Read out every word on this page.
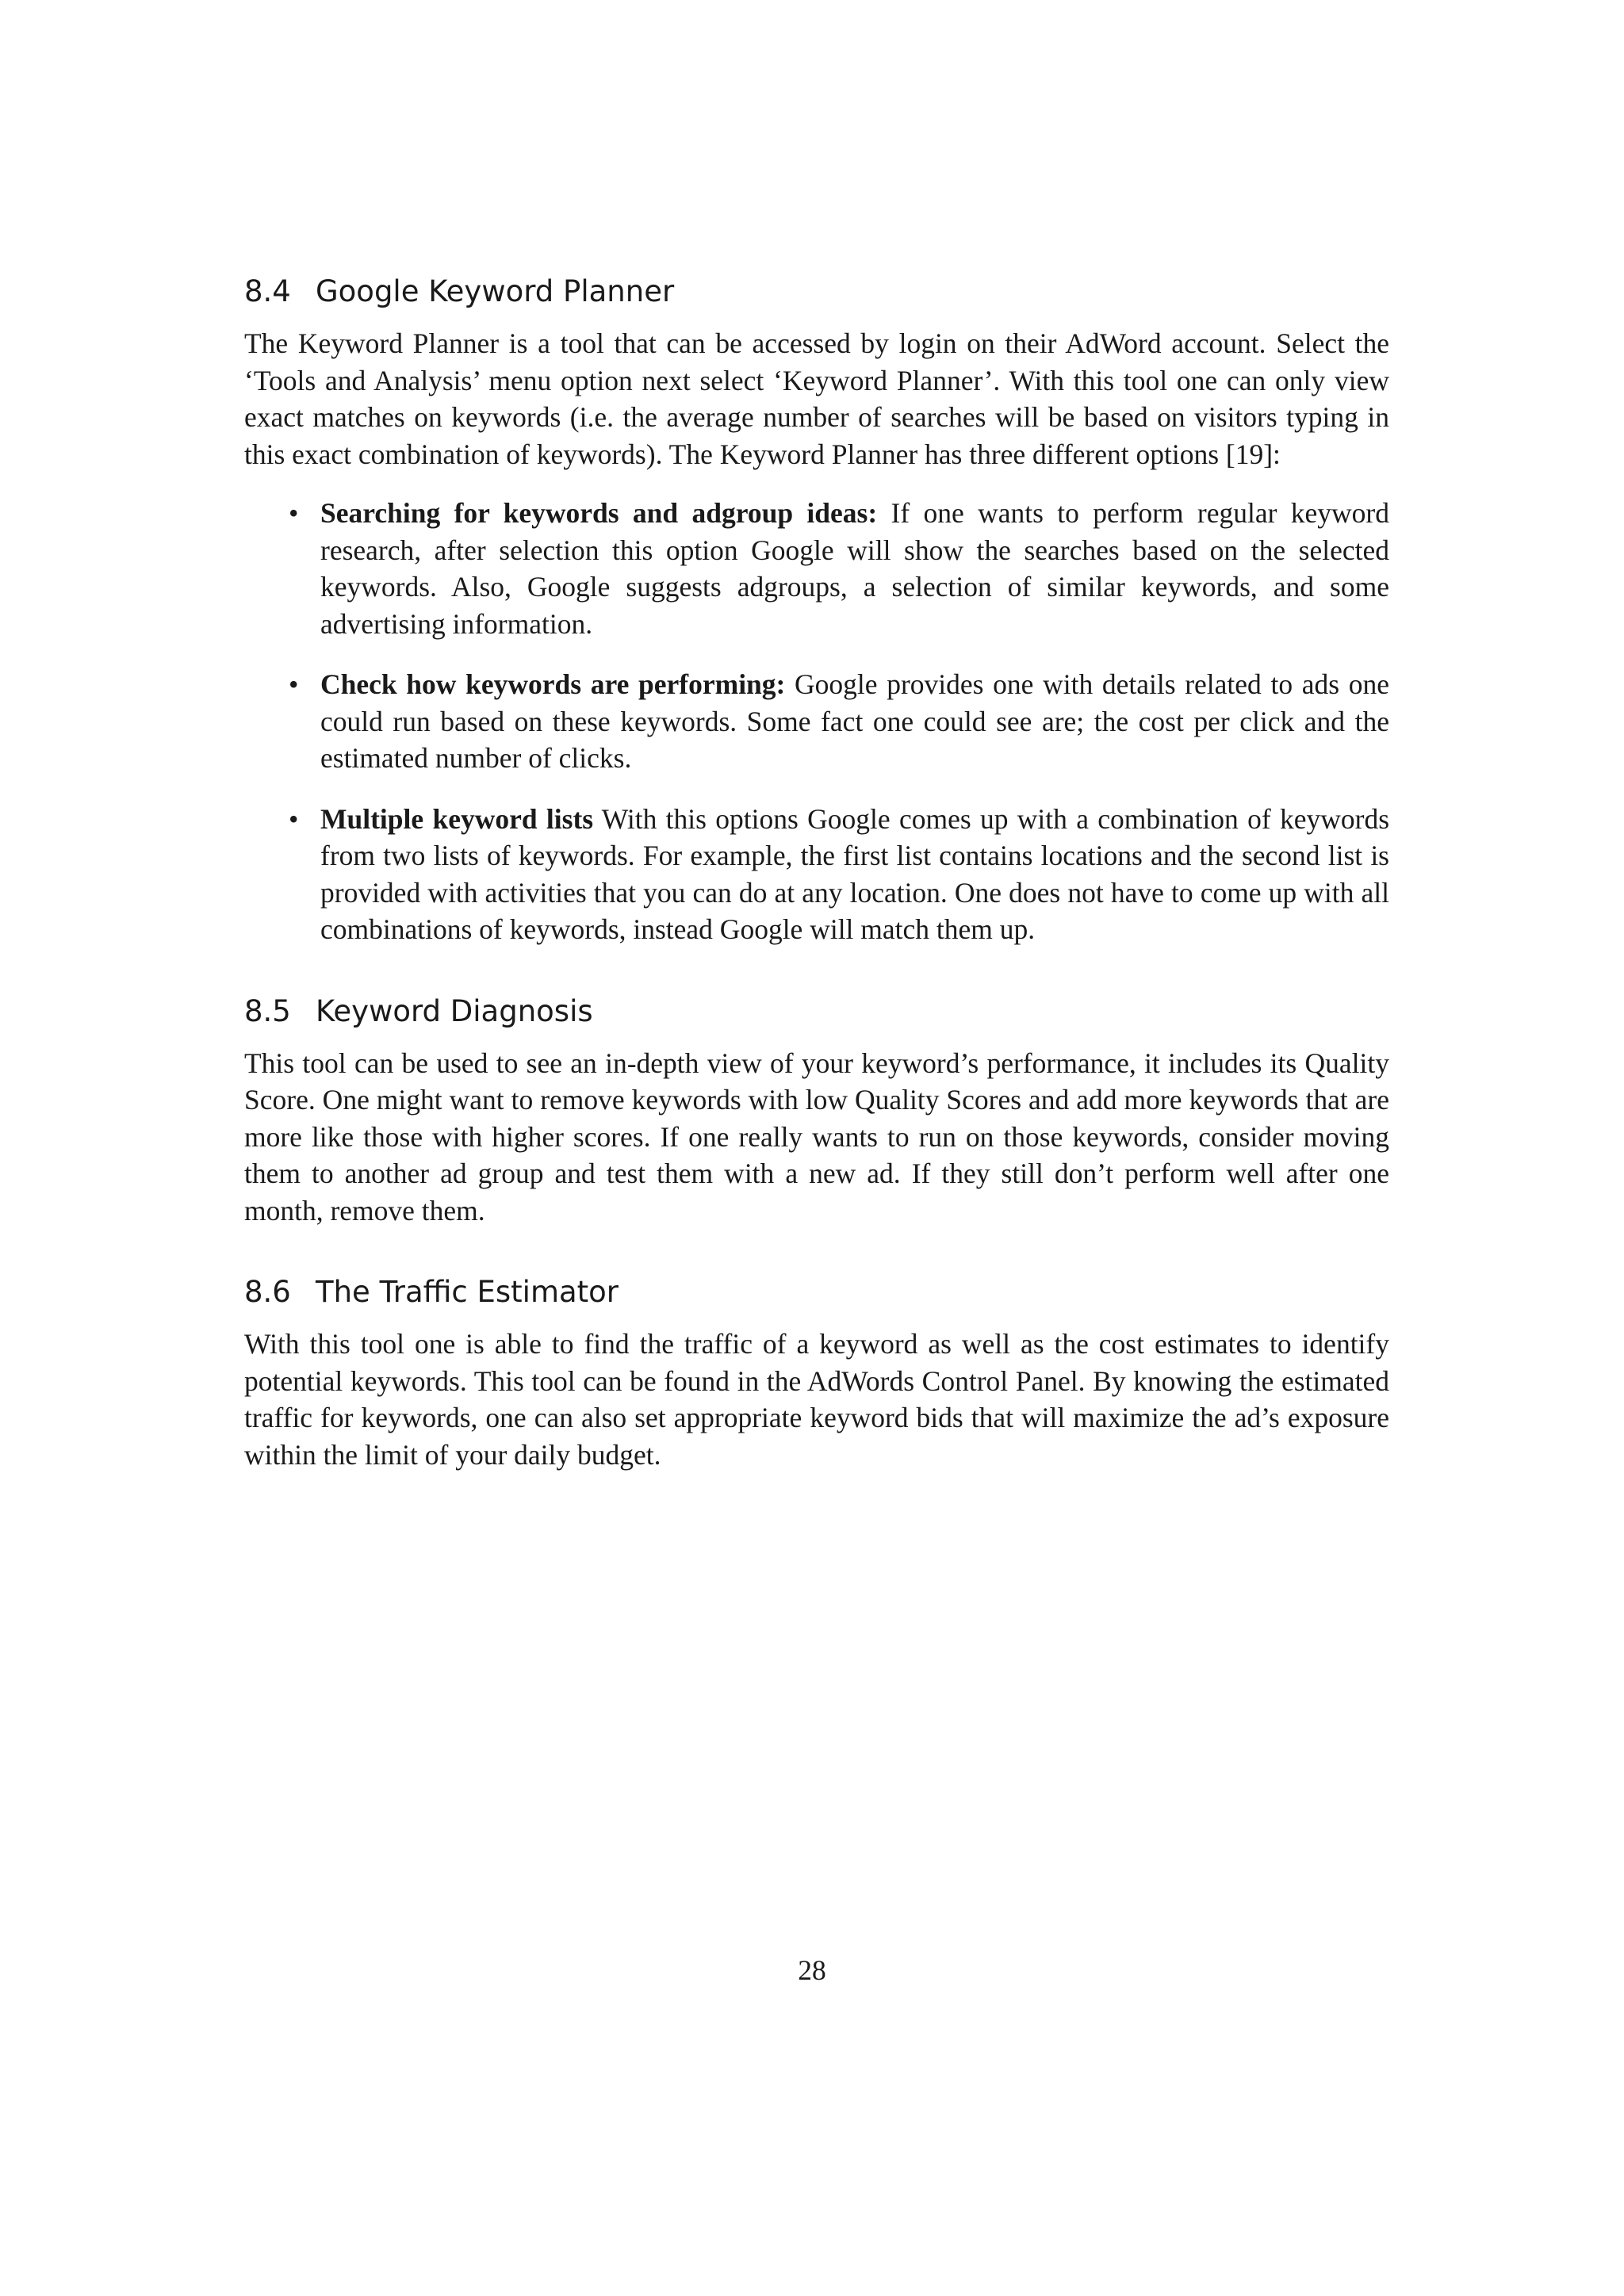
8.4 Google Keyword Planner

The Keyword Planner is a tool that can be accessed by login on their AdWord account. Select the ‘Tools and Analysis’ menu option next select ‘Keyword Planner’. With this tool one can only view exact matches on keywords (i.e. the average number of searches will be based on visitors typing in this exact combination of keywords). The Keyword Planner has three different options [19]:

• Searching for keywords and adgroup ideas: If one wants to perform regular keyword research, after selection this option Google will show the searches based on the selected keywords. Also, Google suggests adgroups, a selection of similar keywords, and some advertising information.
• Check how keywords are performing: Google provides one with details related to ads one could run based on these keywords. Some fact one could see are; the cost per click and the estimated number of clicks.
• Multiple keyword lists With this options Google comes up with a combination of keywords from two lists of keywords. For example, the first list contains locations and the second list is provided with activities that you can do at any location. One does not have to come up with all combinations of keywords, instead Google will match them up.
8.5 Keyword Diagnosis

This tool can be used to see an in-depth view of your keyword’s performance, it includes its Quality Score. One might want to remove keywords with low Quality Scores and add more keywords that are more like those with higher scores. If one really wants to run on those keywords, consider moving them to another ad group and test them with a new ad. If they still don’t perform well after one month, remove them.

8.6 The Traffic Estimator

With this tool one is able to find the traffic of a keyword as well as the cost estimates to identify potential keywords. This tool can be found in the AdWords Control Panel. By knowing the estimated traffic for keywords, one can also set appropriate keyword bids that will maximize the ad’s exposure within the limit of your daily budget.

28
